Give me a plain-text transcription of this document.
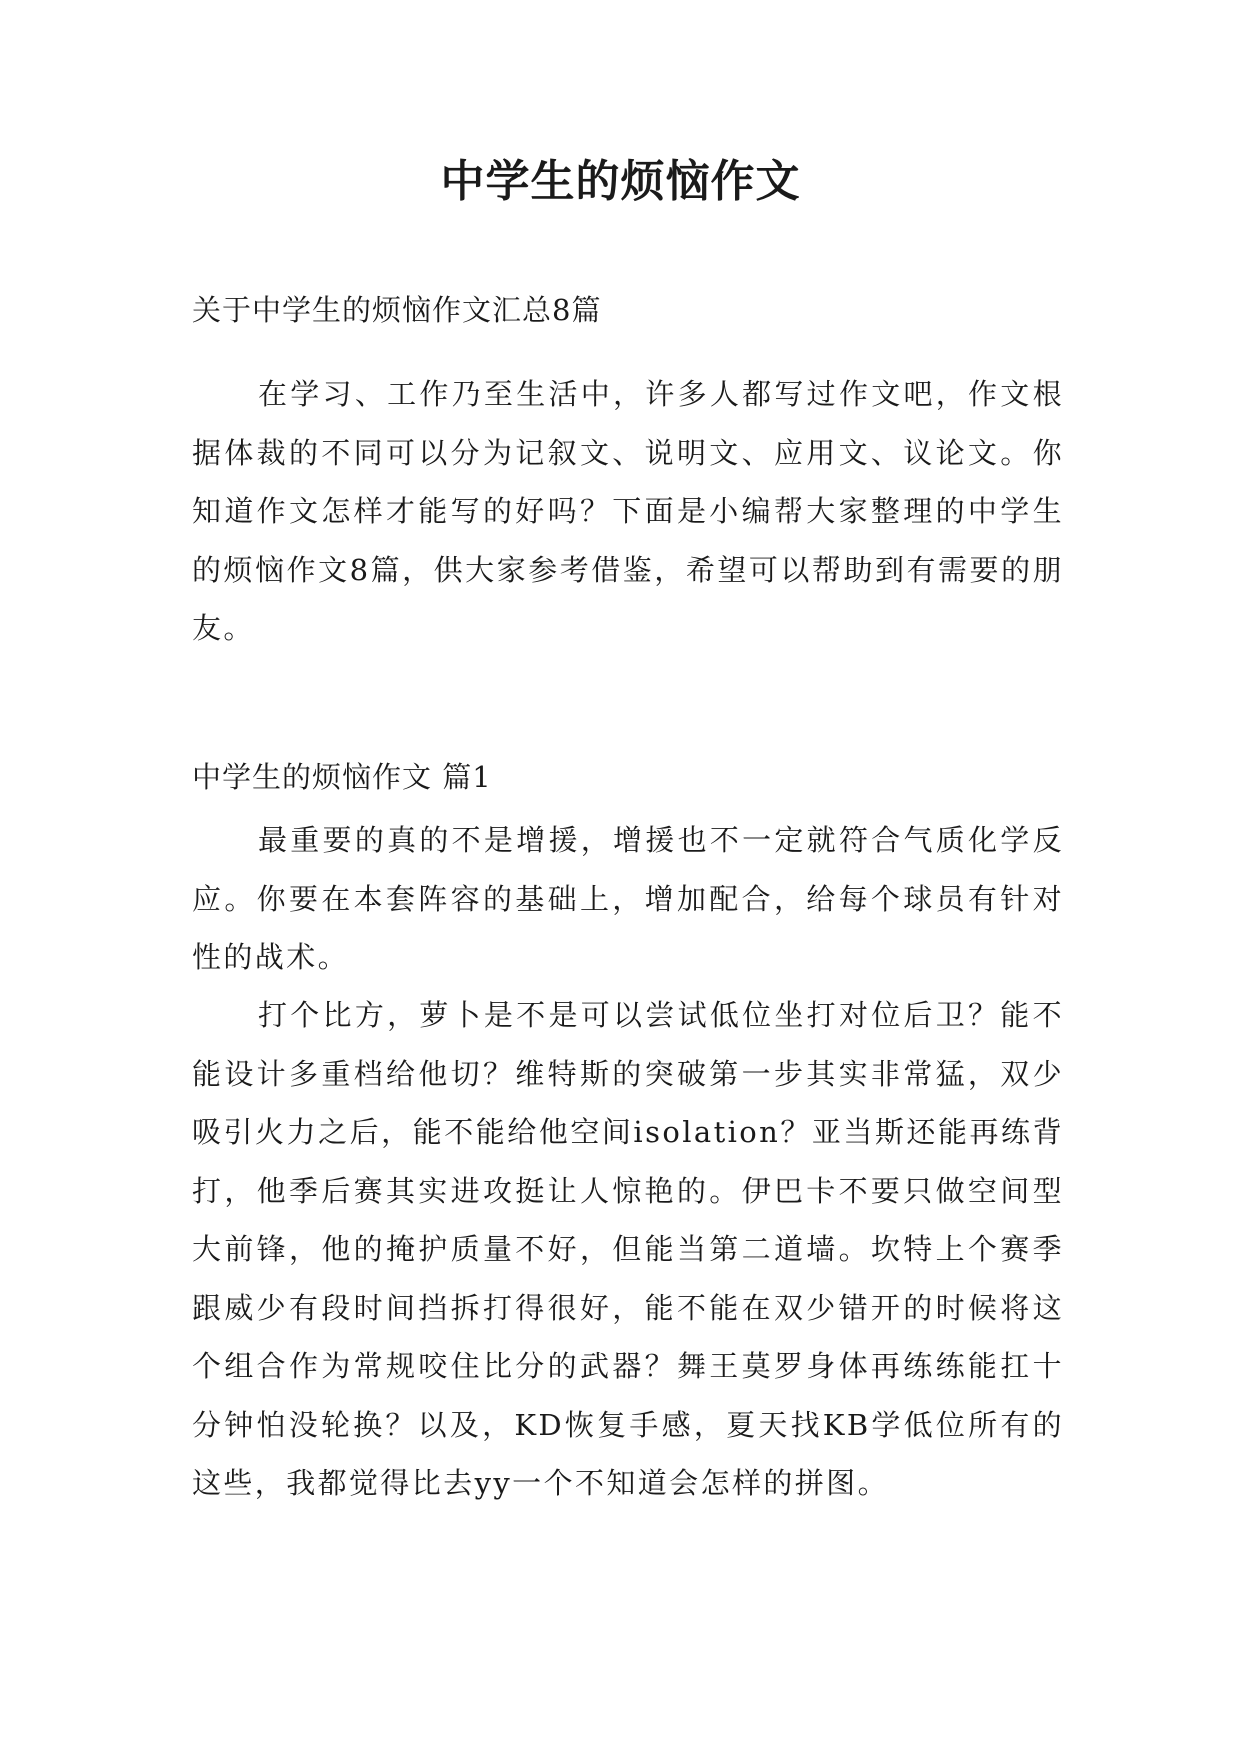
中学生的烦恼作文

关于中学生的烦恼作文汇总8篇

在学习、工作乃至生活中，许多人都写过作文吧，作文根据体裁的不同可以分为记叙文、说明文、应用文、议论文。你知道作文怎样才能写的好吗？下面是小编帮大家整理的中学生的烦恼作文8篇，供大家参考借鉴，希望可以帮助到有需要的朋友。

中学生的烦恼作文 篇1

最重要的真的不是增援，增援也不一定就符合气质化学反应。你要在本套阵容的基础上，增加配合，给每个球员有针对性的战术。

打个比方，萝卜是不是可以尝试低位坐打对位后卫？能不能设计多重档给他切？维特斯的突破第一步其实非常猛，双少吸引火力之后，能不能给他空间isolation？亚当斯还能再练背打，他季后赛其实进攻挺让人惊艳的。伊巴卡不要只做空间型大前锋，他的掩护质量不好，但能当第二道墙。坎特上个赛季跟威少有段时间挡拆打得很好，能不能在双少错开的时候将这个组合作为常规咬住比分的武器？舞王莫罗身体再练练能扛十分钟怕没轮换？以及，KD恢复手感，夏天找KB学低位所有的这些，我都觉得比去yy一个不知道会怎样的拼图。
